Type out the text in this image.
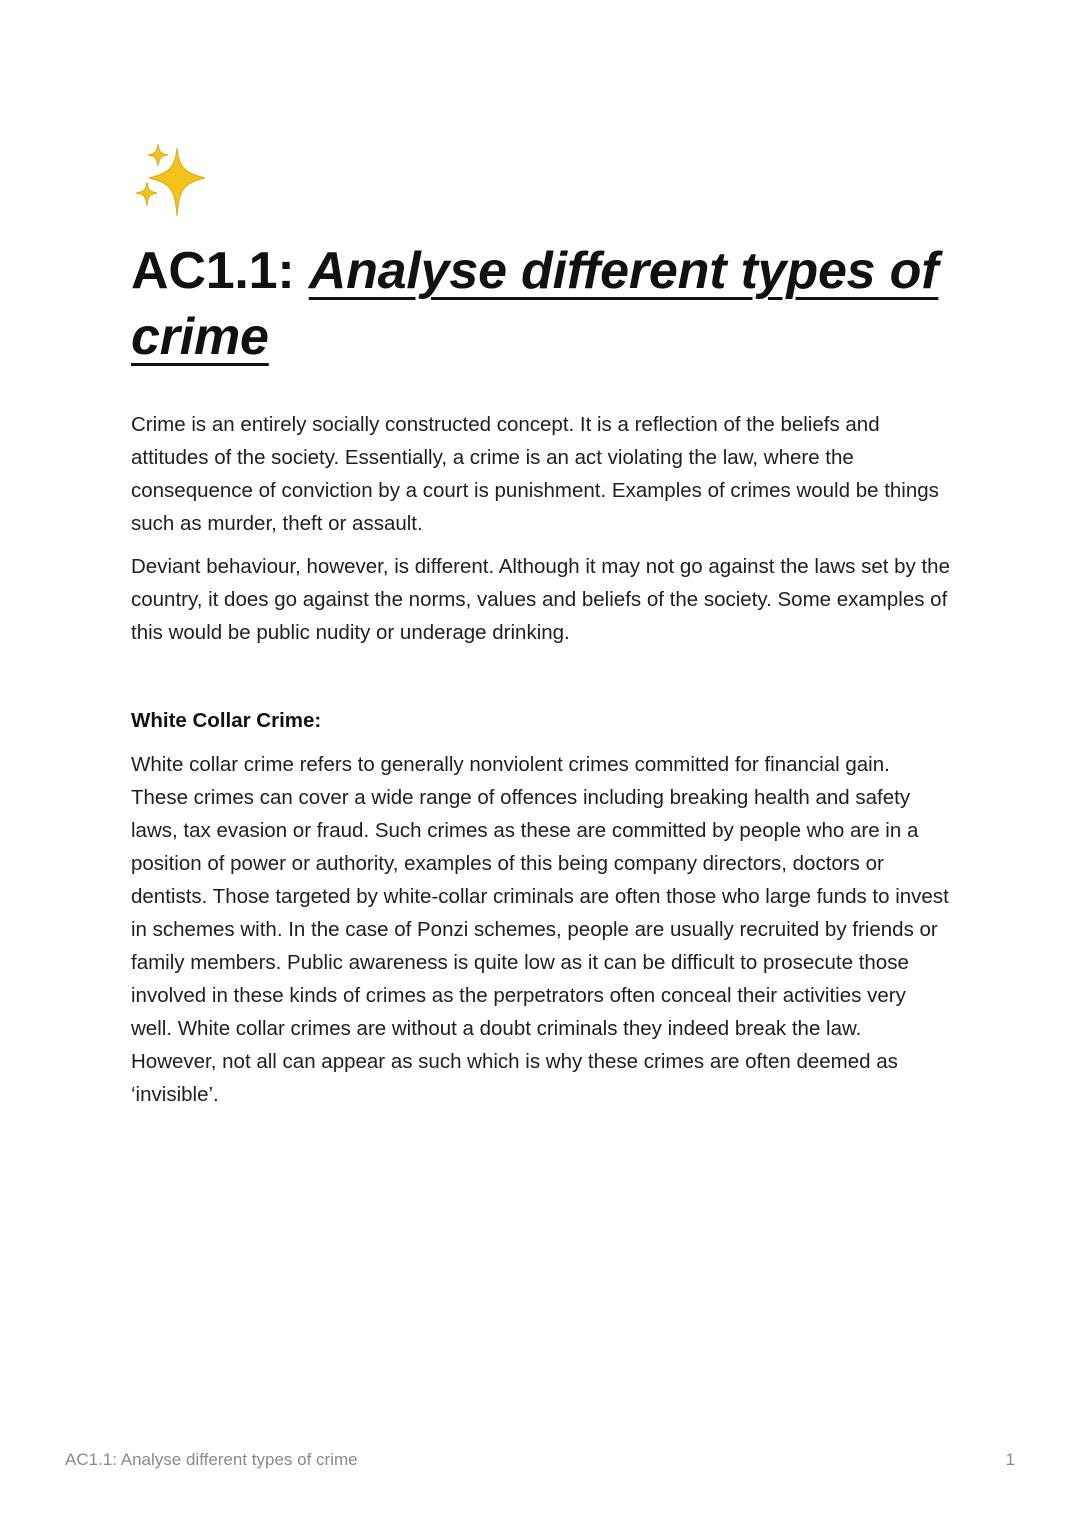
AC1.1: Analyse different types of crime

Crime is an entirely socially constructed concept. It is a reflection of the beliefs and attitudes of the society. Essentially, a crime is an act violating the law, where the consequence of conviction by a court is punishment. Examples of crimes would be things such as murder, theft or assault.

Deviant behaviour, however, is different. Although it may not go against the laws set by the country, it does go against the norms, values and beliefs of the society. Some examples of this would be public nudity or underage drinking.

White Collar Crime:

White collar crime refers to generally nonviolent crimes committed for financial gain. These crimes can cover a wide range of offences including breaking health and safety laws, tax evasion or fraud. Such crimes as these are committed by people who are in a position of power or authority, examples of this being company directors, doctors or dentists. Those targeted by white-collar criminals are often those who large funds to invest in schemes with. In the case of Ponzi schemes, people are usually recruited by friends or family members. Public awareness is quite low as it can be difficult to prosecute those involved in these kinds of crimes as the perpetrators often conceal their activities very well. White collar crimes are without a doubt criminals they indeed break the law. However, not all can appear as such which is why these crimes are often deemed as ‘invisible’.

AC1.1: Analyse different types of crime	1
